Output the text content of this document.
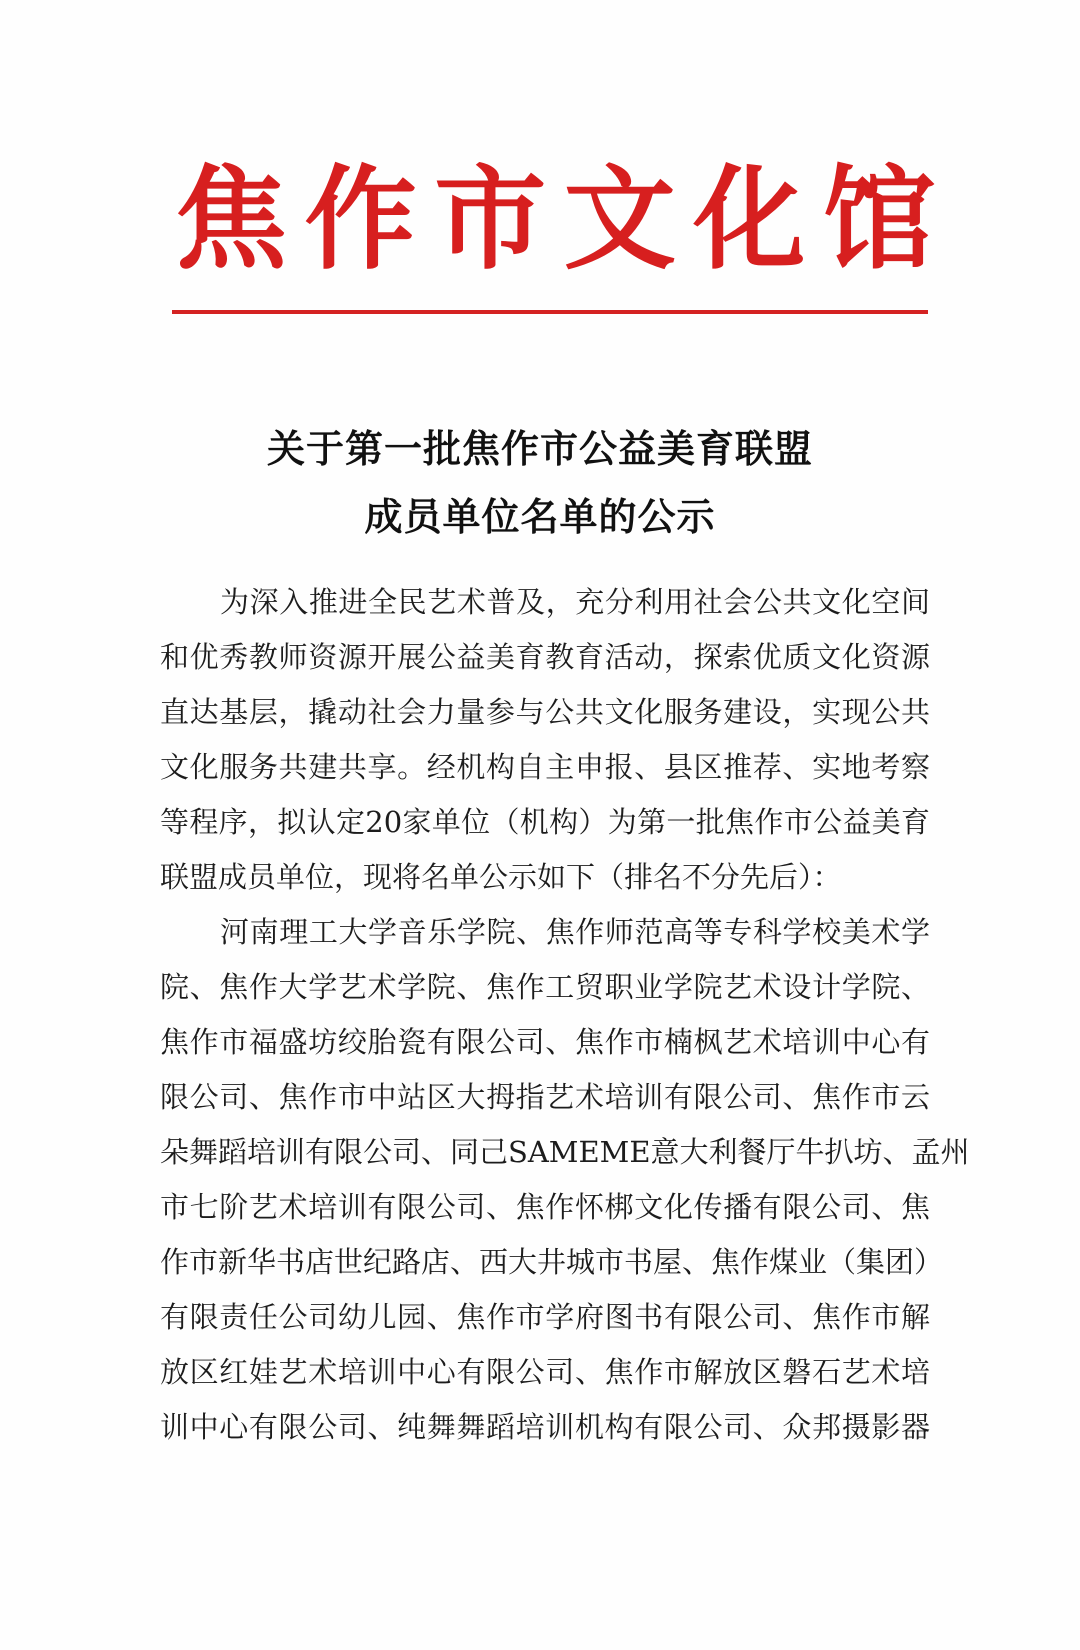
焦 作 市 文 化 馆
关于第一批焦作市公益美育联盟
成员单位名单的公示
为深入推进全民艺术普及，充分利用社会公共文化空间
和优秀教师资源开展公益美育教育活动，探索优质文化资源
直达基层，撬动社会力量参与公共文化服务建设，实现公共
文化服务共建共享。经机构自主申报、县区推荐、实地考察
等程序，拟认定20家单位（机构）为第一批焦作市公益美育
联盟成员单位，现将名单公示如下（排名不分先后）：
河南理工大学音乐学院、焦作师范高等专科学校美术学
院、焦作大学艺术学院、焦作工贸职业学院艺术设计学院、
焦作市福盛坊绞胎瓷有限公司、焦作市楠枫艺术培训中心有
限公司、焦作市中站区大拇指艺术培训有限公司、焦作市云
朵舞蹈培训有限公司、同己SAMEME意大利餐厅牛扒坊、孟州
市七阶艺术培训有限公司、焦作怀梆文化传播有限公司、焦
作市新华书店世纪路店、西大井城市书屋、焦作煤业（集团）
有限责任公司幼儿园、焦作市学府图书有限公司、焦作市解
放区红娃艺术培训中心有限公司、焦作市解放区磐石艺术培
训中心有限公司、纯舞舞蹈培训机构有限公司、众邦摄影器
